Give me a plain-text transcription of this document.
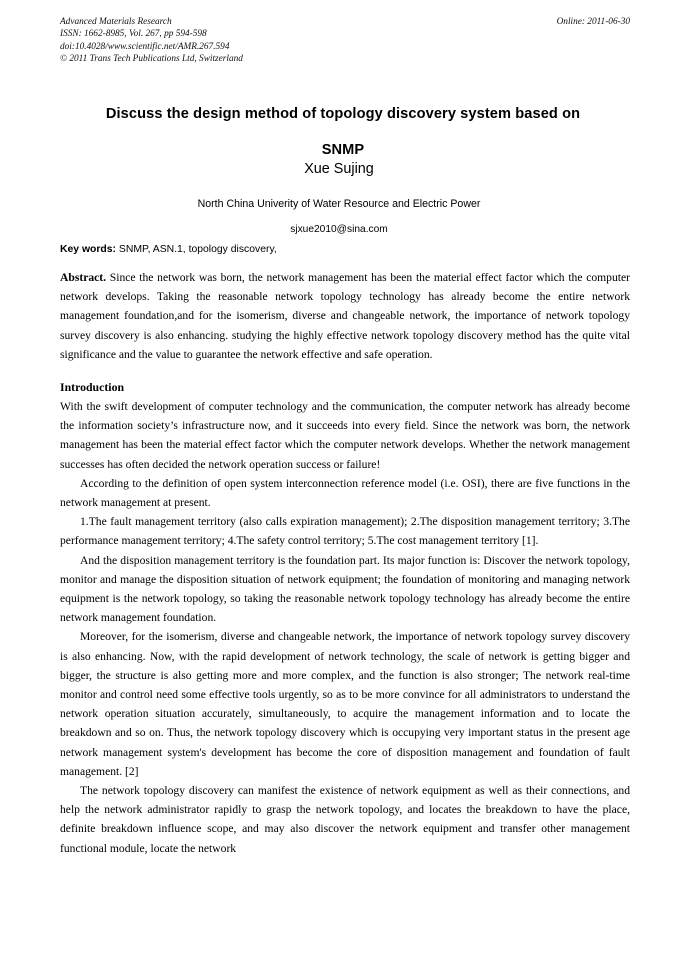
Advanced Materials Research
ISSN: 1662-8985, Vol. 267, pp 594-598
doi:10.4028/www.scientific.net/AMR.267.594
© 2011 Trans Tech Publications Ltd, Switzerland
Online: 2011-06-30
Discuss the design method of topology discovery system based on
SNMP
Xue Sujing
North China Univerity of Water Resource and Electric Power
sjxue2010@sina.com

Key words: SNMP, ASN.1, topology discovery,

Abstract. Since the network was born, the network management has been the material effect factor which the computer network develops. Taking the reasonable network topology technology has already become the entire network management foundation,and for the isomerism, diverse and changeable network, the importance of network topology survey discovery is also enhancing. studying the highly effective network topology discovery method has the quite vital significance and the value to guarantee the network effective and safe operation.

Introduction

With the swift development of computer technology and the communication, the computer network has already become the information society’s infrastructure now, and it succeeds into every field. Since the network was born, the network management has been the material effect factor which the computer network develops. Whether the network management successes has often decided the network operation success or failure!

According to the definition of open system interconnection reference model (i.e. OSI), there are five functions in the network management at present.

1.The fault management territory (also calls expiration management); 2.The disposition management territory; 3.The performance management territory; 4.The safety control territory; 5.The cost management territory [1].

And the disposition management territory is the foundation part. Its major function is: Discover the network topology, monitor and manage the disposition situation of network equipment; the foundation of monitoring and managing network equipment is the network topology, so taking the reasonable network topology technology has already become the entire network management foundation.

Moreover, for the isomerism, diverse and changeable network, the importance of network topology survey discovery is also enhancing. Now, with the rapid development of network technology, the scale of network is getting bigger and bigger, the structure is also getting more and more complex, and the function is also stronger; The network real-time monitor and control need some effective tools urgently, so as to be more convince for all administrators to understand the network operation situation accurately, simultaneously, to acquire the management information and to locate the breakdown and so on. Thus, the network topology discovery which is occupying very important status in the present age network management system's development has become the core of disposition management and foundation of fault management. [2]

The network topology discovery can manifest the existence of network equipment as well as their connections, and help the network administrator rapidly to grasp the network topology, and locates the breakdown to have the place, definite breakdown influence scope, and may also discover the network equipment and transfer other management functional module, locate the network
